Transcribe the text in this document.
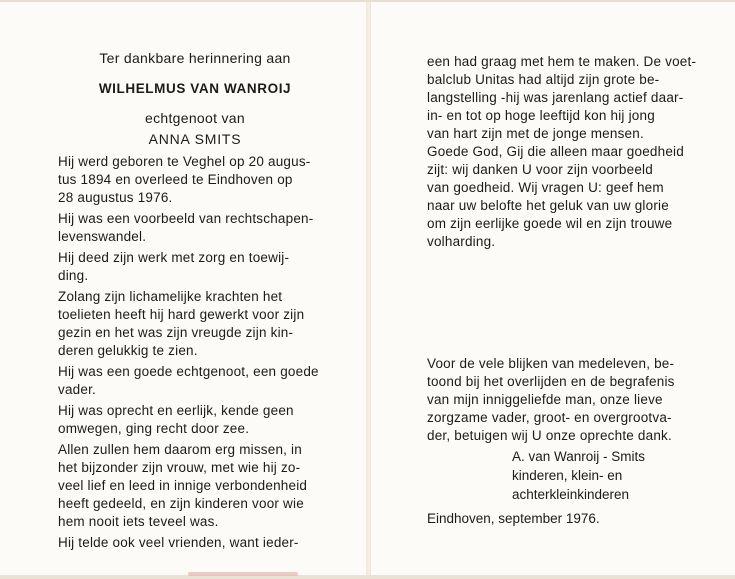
Ter dankbare herinnering aan
WILHELMUS VAN WANROIJ
echtgenoot van
ANNA SMITS
Hij werd geboren te Veghel op 20 augus-
tus 1894 en overleed te Eindhoven op
28 augustus 1976.
Hij was een voorbeeld van rechtschapen-
levenswandel.
Hij deed zijn werk met zorg en toewij-
ding.
Zolang zijn lichamelijke krachten het
toelieten heeft hij hard gewerkt voor zijn
gezin en het was zijn vreugde zijn kin-
deren gelukkig te zien.
Hij was een goede echtgenoot, een goede
vader.
Hij was oprecht en eerlijk, kende geen
omwegen, ging recht door zee.
Allen zullen hem daarom erg missen, in
het bijzonder zijn vrouw, met wie hij zo-
veel lief en leed in innige verbondenheid
heeft gedeeld, en zijn kinderen voor wie
hem nooit iets teveel was.
Hij telde ook veel vrienden, want ieder-
een had graag met hem te maken. De voet-
balclub Unitas had altijd zijn grote be-
langstelling -hij was jarenlang actief daar-
in- en tot op hoge leeftijd kon hij jong
van hart zijn met de jonge mensen.
Goede God, Gij die alleen maar goedheid
zijt: wij danken U voor zijn voorbeeld
van goedheid. Wij vragen U: geef hem
naar uw belofte het geluk van uw glorie
om zijn eerlijke goede wil en zijn trouwe
volharding.
Voor de vele blijken van medeleven, be-
toond bij het overlijden en de begrafenis
van mijn inniggeliefde man, onze lieve
zorgzame vader, groot- en overgrootva-
der, betuigen wij U onze oprechte dank.
A. van Wanroij - Smits
kinderen, klein- en
achterkleinkinderen
Eindhoven, september 1976.
